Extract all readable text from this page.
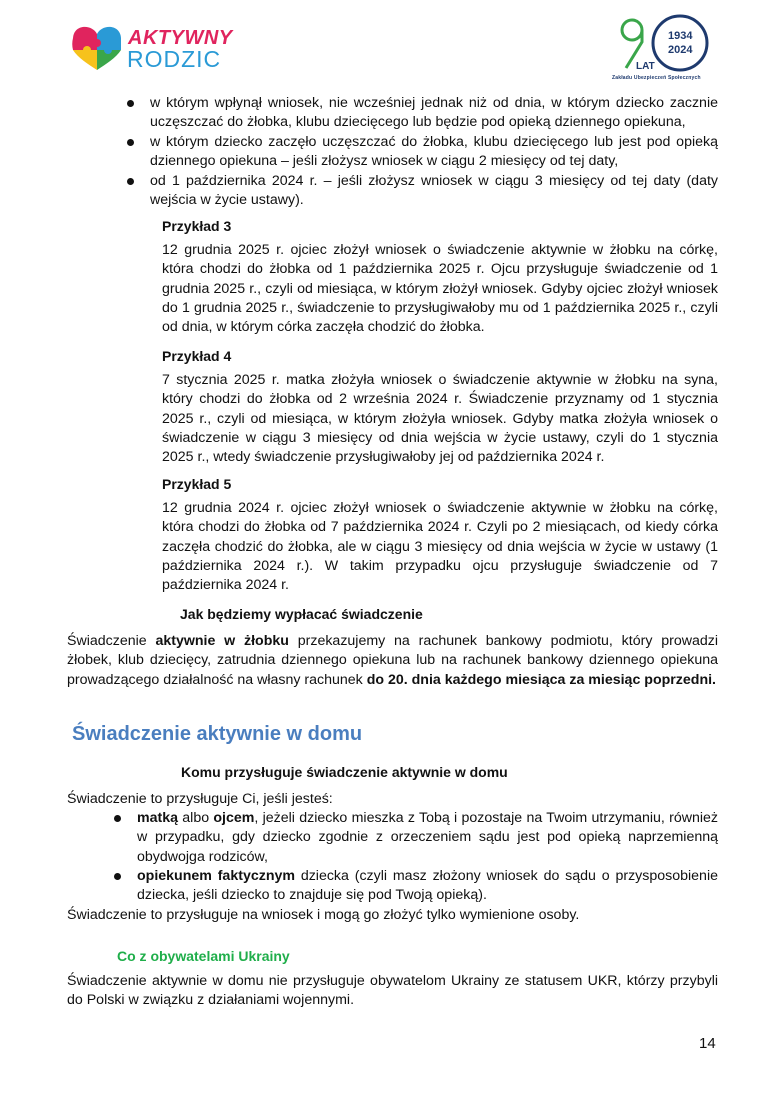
AKTYWNY
RODZIC
1934
2024
LAT
Zakładu Ubezpieczeń Społecznych
w którym wpłynął wniosek, nie wcześniej jednak niż od dnia, w którym dziecko zacznie
uczęszczać do żłobka, klubu dziecięcego lub będzie pod opieką dziennego opiekuna,
w którym dziecko zaczęło uczęszczać do żłobka, klubu dziecięcego lub jest pod opieką
dziennego opiekuna – jeśli złożysz wniosek w ciągu 2 miesięcy od tej daty,
od 1 października 2024 r. – jeśli złożysz wniosek w ciągu 3 miesięcy od tej daty (daty
wejścia w życie ustawy).
Przykład 3

12 grudnia 2025 r. ojciec złożył wniosek o świadczenie aktywnie w żłobku na córkę, która chodzi do żłobka od 1 października 2025 r. Ojcu przysługuje świadczenie od 1 grudnia 2025 r., czyli od miesiąca, w którym złożył wniosek. Gdyby ojciec złożył wniosek do 1 grudnia 2025 r., świadczenie to przysługiwałoby mu od 1 października 2025 r., czyli od dnia, w którym córka zaczęła chodzić do żłobka.

Przykład 4

7 stycznia 2025 r. matka złożyła wniosek o świadczenie aktywnie w żłobku na syna, który chodzi do żłobka od 2 września 2024 r. Świadczenie przyznamy od 1 stycznia 2025 r., czyli od miesiąca, w którym złożyła wniosek. Gdyby matka złożyła wniosek o świadczenie w ciągu 3 miesięcy od dnia wejścia w życie ustawy, czyli do 1 stycznia 2025 r., wtedy świadczenie przysługiwałoby jej od października 2024 r.

Przykład 5

12 grudnia 2024 r. ojciec złożył wniosek o świadczenie aktywnie w żłobku na córkę, która chodzi do żłobka od 7 października 2024 r. Czyli po 2 miesiącach, od kiedy córka zaczęła chodzić do żłobka, ale w ciągu 3 miesięcy od dnia wejścia w życie w ustawy (1 października 2024 r.). W takim przypadku ojcu przysługuje świadczenie od 7 października 2024 r.

Jak będziemy wypłacać świadczenie

Świadczenie aktywnie w żłobku przekazujemy na rachunek bankowy podmiotu, który prowadzi żłobek, klub dziecięcy, zatrudnia dziennego opiekuna lub na rachunek bankowy dziennego opiekuna prowadzącego działalność na własny rachunek do 20. dnia każdego miesiąca za miesiąc poprzedni.

Świadczenie aktywnie w domu
Komu przysługuje świadczenie aktywnie w domu
Świadczenie to przysługuje Ci, jeśli jesteś:

matką albo ojcem, jeżeli dziecko mieszka z Tobą i pozostaje na Twoim utrzymaniu, również w przypadku, gdy dziecko zgodnie z orzeczeniem sądu jest pod opieką naprzemienną obydwojga rodziców,

opiekunem faktycznym dziecka (czyli masz złożony wniosek do sądu o przysposobienie dziecka, jeśli dziecko to znajduje się pod Twoją opieką).

Świadczenie to przysługuje na wniosek i mogą go złożyć tylko wymienione osoby.
Co z obywatelami Ukrainy

Świadczenie aktywnie w domu nie przysługuje obywatelom Ukrainy ze statusem UKR, którzy przybyli do Polski w związku z działaniami wojennymi.

14
